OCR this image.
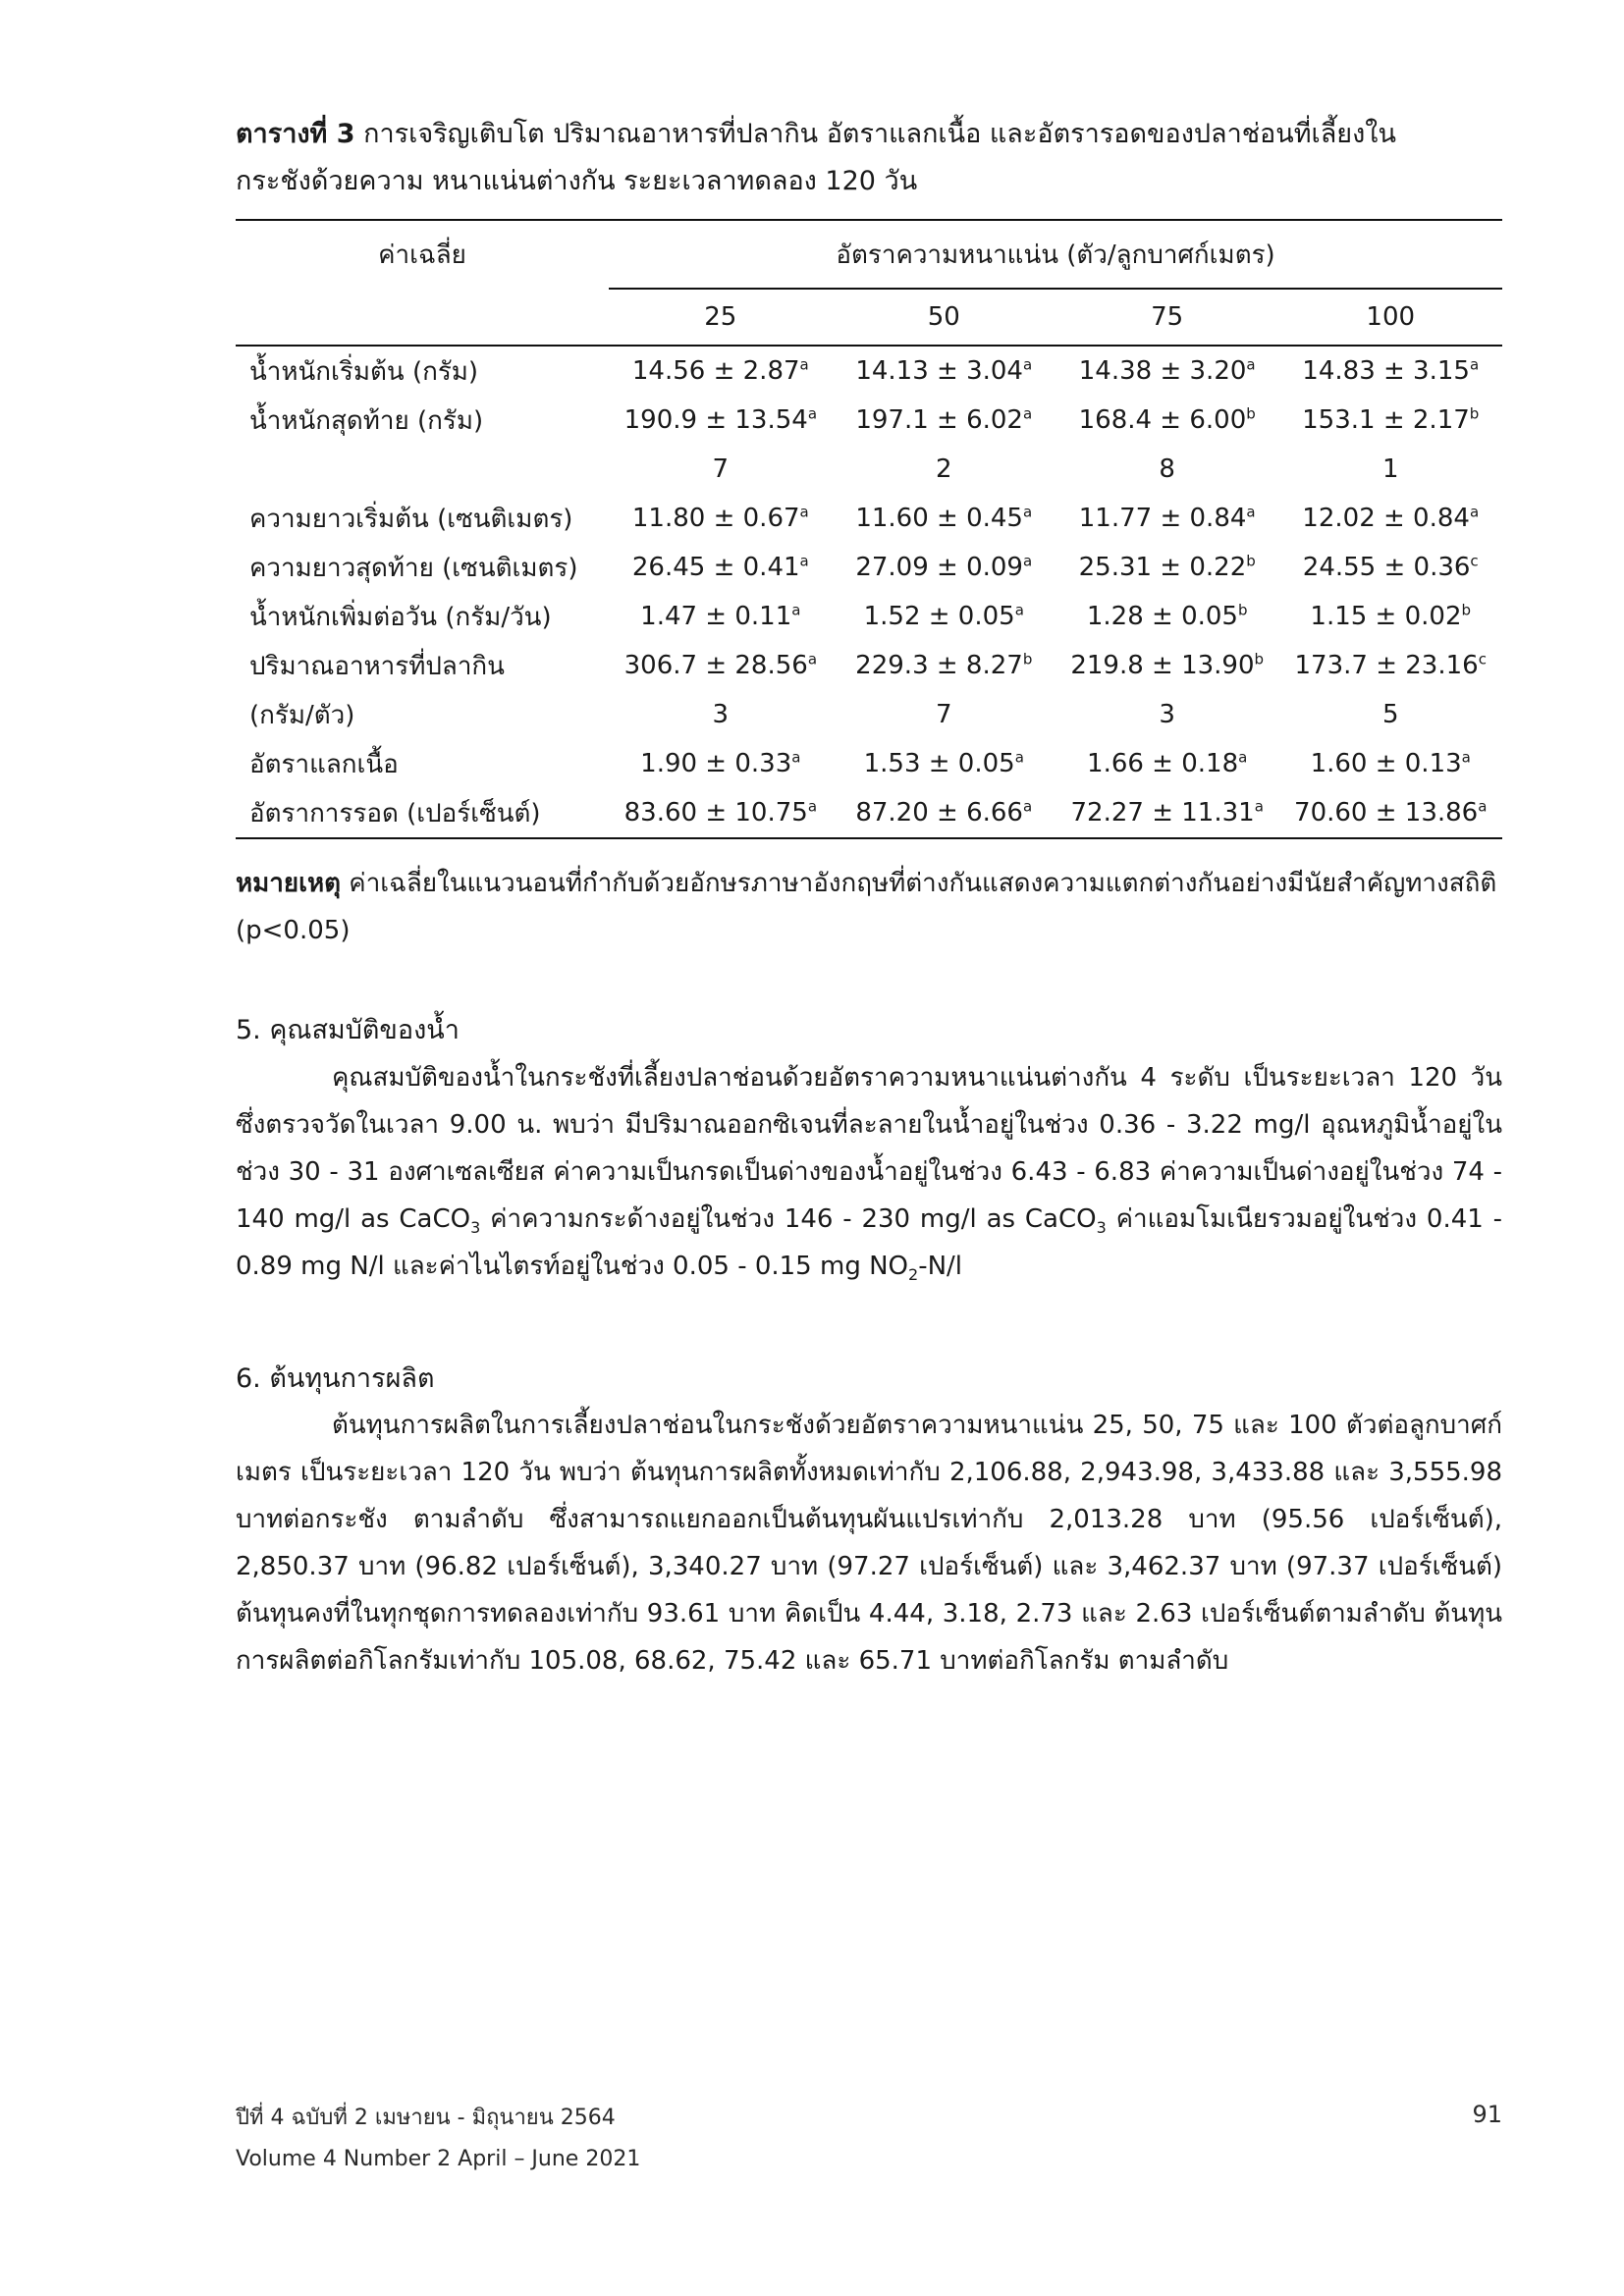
ตารางที่ 3 การเจริญเติบโต ปริมาณอาหารที่ปลากิน อัตราแลกเนื้อ และอัตรารอดของปลาช่อนที่เลี้ยงใน
กระชังด้วยความ หนาแน่นต่างกัน ระยะเวลาทดลอง 120 วัน
ค่าเฉลี่ย	อัตราความหนาแน่น (ตัว/ลูกบาศก์เมตร)			
	25	50	75	100
น้ำหนักเริ่มต้น (กรัม)	14.56 ± 2.87$^a$	14.13 ± 3.04$^a$	14.38 ± 3.20$^a$	14.83 ± 3.15$^a$
น้ำหนักสุดท้าย (กรัม)	190.9 ± 13.54$^a$	197.1 ± 6.02$^a$	168.4 ± 6.00$^b$	153.1 ± 2.17$^b$
	7	2	8	1
ความยาวเริ่มต้น (เซนติเมตร)	11.80 ± 0.67$^a$	11.60 ± 0.45$^a$	11.77 ± 0.84$^a$	12.02 ± 0.84$^a$
ความยาวสุดท้าย (เซนติเมตร)	26.45 ± 0.41$^a$	27.09 ± 0.09$^a$	25.31 ± 0.22$^b$	24.55 ± 0.36$^c$
น้ำหนักเพิ่มต่อวัน (กรัม/วัน)	1.47 ± 0.11$^a$	1.52 ± 0.05$^a$	1.28 ± 0.05$^b$	1.15 ± 0.02$^b$
ปริมาณอาหารที่ปลากิน	306.7 ± 28.56$^a$	229.3 ± 8.27$^b$	219.8 ± 13.90$^b$	173.7 ± 23.16$^c$
(กรัม/ตัว)	3	7	3	5
อัตราแลกเนื้อ	1.90 ± 0.33$^a$	1.53 ± 0.05$^a$	1.66 ± 0.18$^a$	1.60 ± 0.13$^a$
อัตราการรอด (เปอร์เซ็นต์)	83.60 ± 10.75$^a$	87.20 ± 6.66$^a$	72.27 ± 11.31$^a$	70.60 ± 13.86$^a$
หมายเหตุ ค่าเฉลี่ยในแนวนอนที่กำกับด้วยอักษรภาษาอังกฤษที่ต่างกันแสดงความแตกต่างกันอย่างมีนัยสำคัญทางสถิติ (p<0.05)
5. คุณสมบัติของน้ำ
คุณสมบัติของน้ำในกระชังที่เลี้ยงปลาช่อนด้วยอัตราความหนาแน่นต่างกัน 4 ระดับ เป็นระยะเวลา 120 วัน ซึ่งตรวจวัดในเวลา 9.00 น. พบว่า มีปริมาณออกซิเจนที่ละลายในน้ำอยู่ในช่วง 0.36 - 3.22 mg/l อุณหภูมิน้ำอยู่ในช่วง 30 - 31 องศาเซลเซียส ค่าความเป็นกรดเป็นด่างของน้ำอยู่ในช่วง 6.43 - 6.83 ค่าความเป็นด่างอยู่ในช่วง 74 - 140 mg/l as CaCO$_3$ ค่าความกระด้างอยู่ในช่วง 146 - 230 mg/l as CaCO$_3$ ค่าแอมโมเนียรวมอยู่ในช่วง 0.41 - 0.89 mg N/l และค่าไนไตรท์อยู่ในช่วง 0.05 - 0.15 mg $NO_2-N/l$
6. ต้นทุนการผลิต
ต้นทุนการผลิตในการเลี้ยงปลาช่อนในกระชังด้วยอัตราความหนาแน่น 25, 50, 75 และ 100 ตัวต่อลูกบาศก์เมตร เป็นระยะเวลา 120 วัน พบว่า ต้นทุนการผลิตทั้งหมดเท่ากับ 2,106.88, 2,943.98, 3,433.88 และ 3,555.98 บาทต่อกระชัง ตามลำดับ ซึ่งสามารถแยกออกเป็นต้นทุนผันแปรเท่ากับ 2,013.28 บาท (95.56 เปอร์เซ็นต์), 2,850.37 บาท (96.82 เปอร์เซ็นต์), 3,340.27 บาท (97.27 เปอร์เซ็นต์) และ 3,462.37 บาท (97.37 เปอร์เซ็นต์) ต้นทุนคงที่ในทุกชุดการทดลองเท่ากับ 93.61 บาท คิดเป็น 4.44, 3.18, 2.73 และ 2.63 เปอร์เซ็นต์ตามลำดับ ต้นทุนการผลิตต่อกิโลกรัมเท่ากับ 105.08, 68.62, 75.42 และ 65.71 บาทต่อกิโลกรัม ตามลำดับ
ปีที่ 4 ฉบับที่ 2 เมษายน - มิถุนายน 2564
Volume 4 Number 2 April – June 2021
91
